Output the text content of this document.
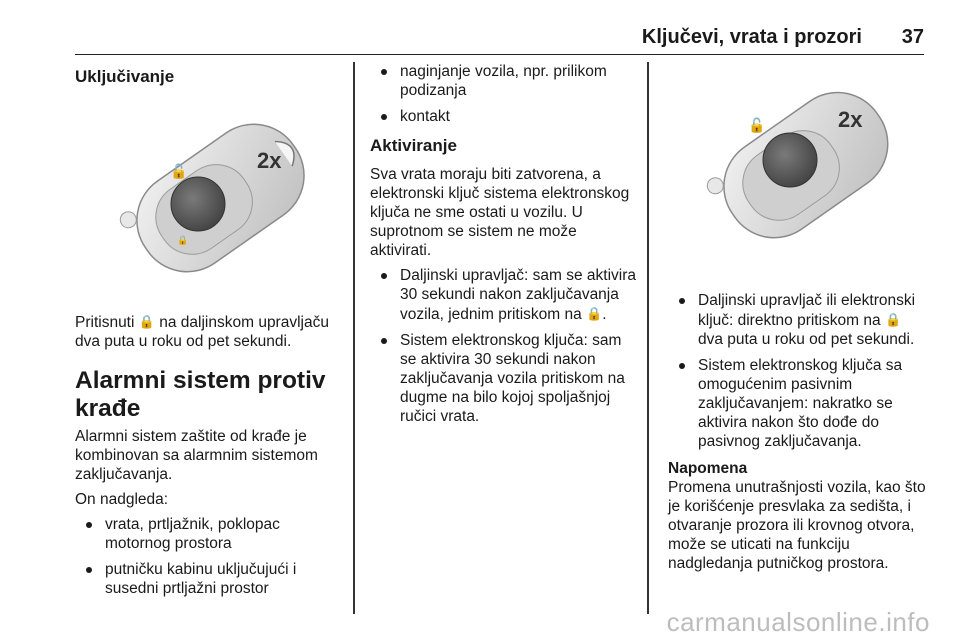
Ključevi, vrata i prozori 37
Uključivanje
🔓
🔒
2x
Pritisnuti 🔒 na daljinskom upravljaču dva puta u roku od pet sekundi.
Alarmni sistem protiv krađe
Alarmni sistem zaštite od krađe je kombinovan sa alarmnim sistemom zaključavanja.
On nadgleda:
vrata, prtljažnik, poklopac motornog prostora
putničku kabinu uključujući i susedni prtljažni prostor
naginjanje vozila, npr. prilikom podizanja
kontakt
Aktiviranje
Sva vrata moraju biti zatvorena, a elektronski ključ sistema elektronskog ključa ne sme ostati u vozilu. U suprotnom se sistem ne može aktivirati.
Daljinski upravljač: sam se aktivira 30 sekundi nakon zaključavanja vozila, jednim pritiskom na 🔒.
Sistem elektronskog ključa: sam se aktivira 30 sekundi nakon zaključavanja vozila pritiskom na dugme na bilo kojoj spoljašnjoj ručici vrata.
🔓	2x
Daljinski upravljač ili elektronski ključ: direktno pritiskom na 🔒 dva puta u roku od pet sekundi.
Sistem elektronskog ključa sa omogućenim pasivnim zaključavanjem: nakratko se aktivira nakon što dođe do pasivnog zaključavanja.
Napomena
Promena unutrašnjosti vozila, kao što je korišćenje presvlaka za sedišta, i otvaranje prozora ili krovnog otvora, može se uticati na funkciju nadgledanja putničkog prostora.
carmanualsonline.info
